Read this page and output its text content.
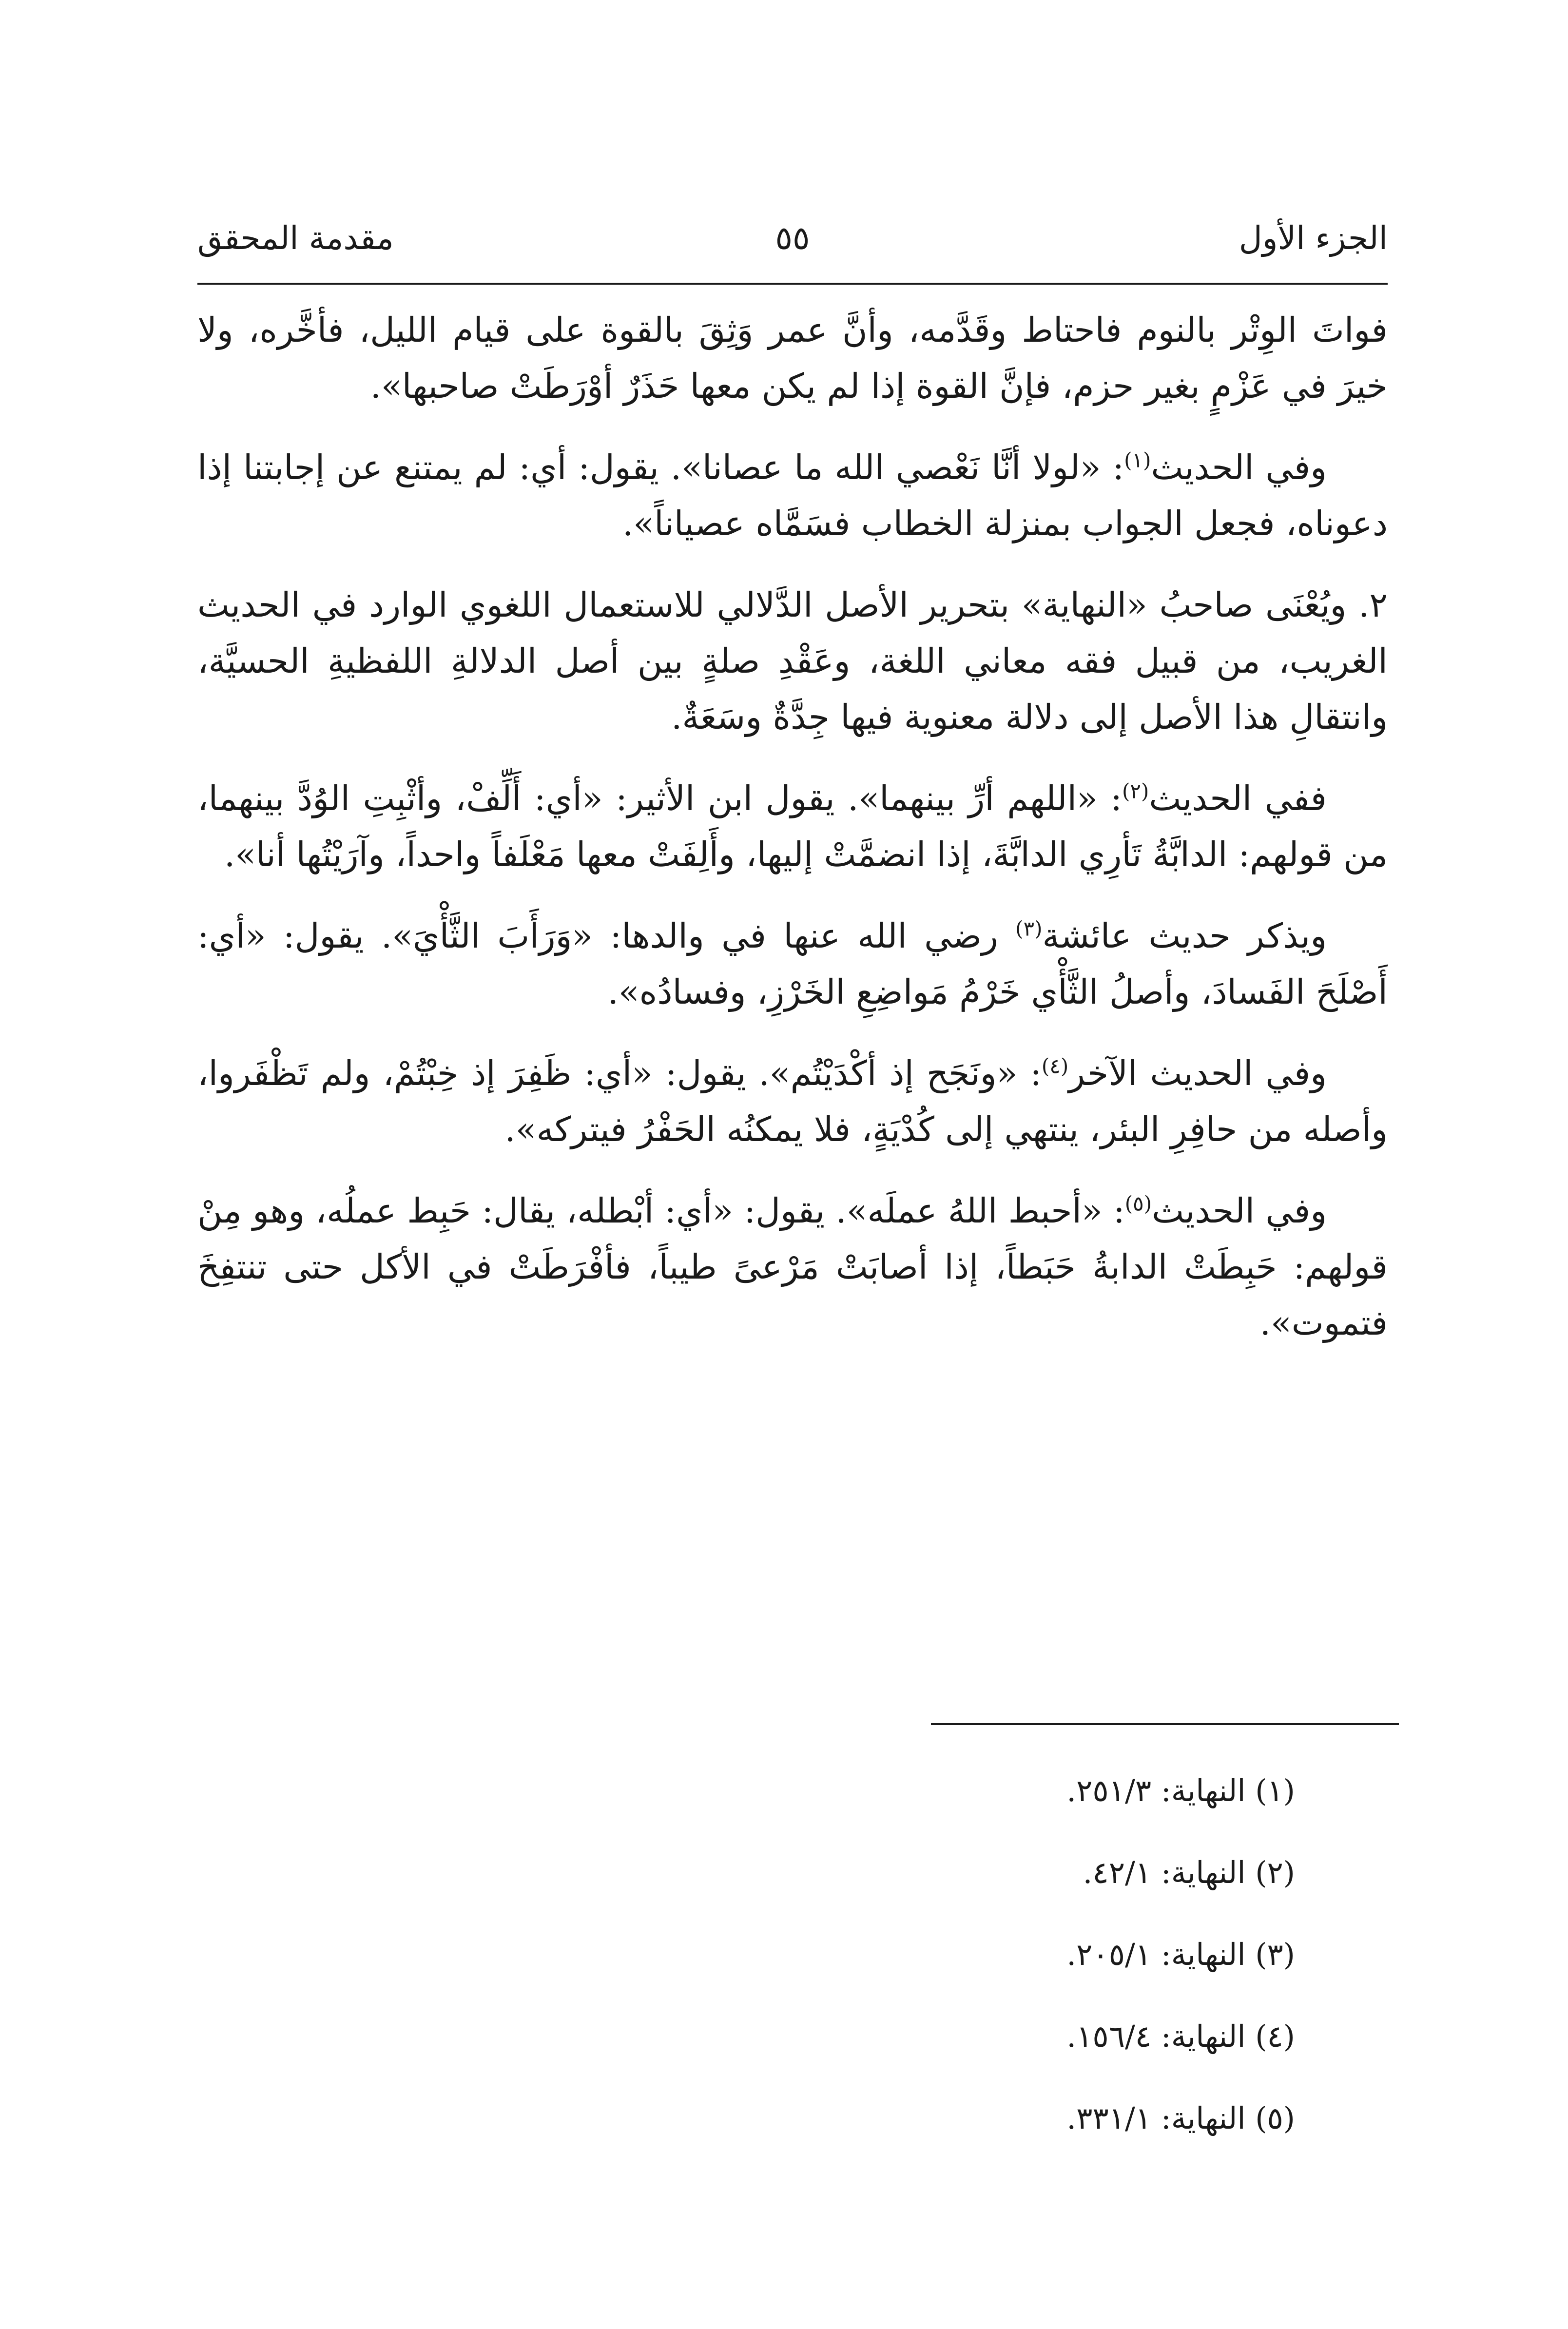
الجزء الأول
٥٥
مقدمة المحقق

فواتَ الوِتْر بالنوم فاحتاط وقَدَّمه، وأنَّ عمر وَثِقَ بالقوة على قيام الليل، فأخَّره، ولا خيرَ في عَزْمٍ بغير حزم، فإنَّ القوة إذا لم يكن معها حَذَرٌ أوْرَطَتْ صاحبها».

وفي الحديث$^{(١)}$: «لولا أنَّا نَعْصي الله ما عصانا». يقول: أي: لم يمتنع عن إجابتنا إذا دعوناه، فجعل الجواب بمنزلة الخطاب فسَمَّاه عصياناً».

٢. ويُعْنَى صاحبُ «النهاية» بتحرير الأصل الدَّلالي للاستعمال اللغوي الوارد في الحديث الغريب، من قبيل فقه معاني اللغة، وعَقْدِ صلةٍ بين أصل الدلالةِ اللفظيةِ الحسيَّة، وانتقالِ هذا الأصل إلى دلالة معنوية فيها جِدَّةٌ وسَعَةٌ.

ففي الحديث$^{(٢)}$: «اللهم أرِّ بينهما». يقول ابن الأثير: «أي: أَلِّفْ، وأثْبِتِ الوُدَّ بينهما، من قولهم: الدابَّةُ تَأرِي الدابَّةَ، إذا انضمَّتْ إليها، وأَلِفَتْ معها مَعْلَفاً واحداً، وآرَيْتُها أنا».

ويذكر حديث عائشة$^{(٣)}$ رضي الله عنها في والدها: «وَرَأَبَ الثَّأْيَ». يقول: «أي: أَصْلَحَ الفَسادَ، وأصلُ الثَّأْي خَرْمُ مَواضِعِ الخَرْزِ، وفسادُه».

وفي الحديث الآخر$^{(٤)}$: «ونَجَح إذ أكْدَيْتُم». يقول: «أي: ظَفِرَ إذ خِبْتُمْ، ولم تَظْفَروا، وأصله من حافِرِ البئر، ينتهي إلى كُدْيَةٍ، فلا يمكنُه الحَفْرُ فيتركه».

وفي الحديث$^{(٥)}$: «أحبط اللهُ عملَه». يقول: «أي: أبْطله، يقال: حَبِط عملُه، وهو مِنْ قولهم: حَبِطَتْ الدابةُ حَبَطاً، إذا أصابَتْ مَرْعىً طيباً، فأفْرَطَتْ في الأكل حتى تنتفِخَ فتموت».

(١) النهاية: ٢٥١/٣.

(٢) النهاية: ٤٢/١.

(٣) النهاية: ٢٠٥/١.

(٤) النهاية: ١٥٦/٤.

(٥) النهاية: ٣٣١/١.
